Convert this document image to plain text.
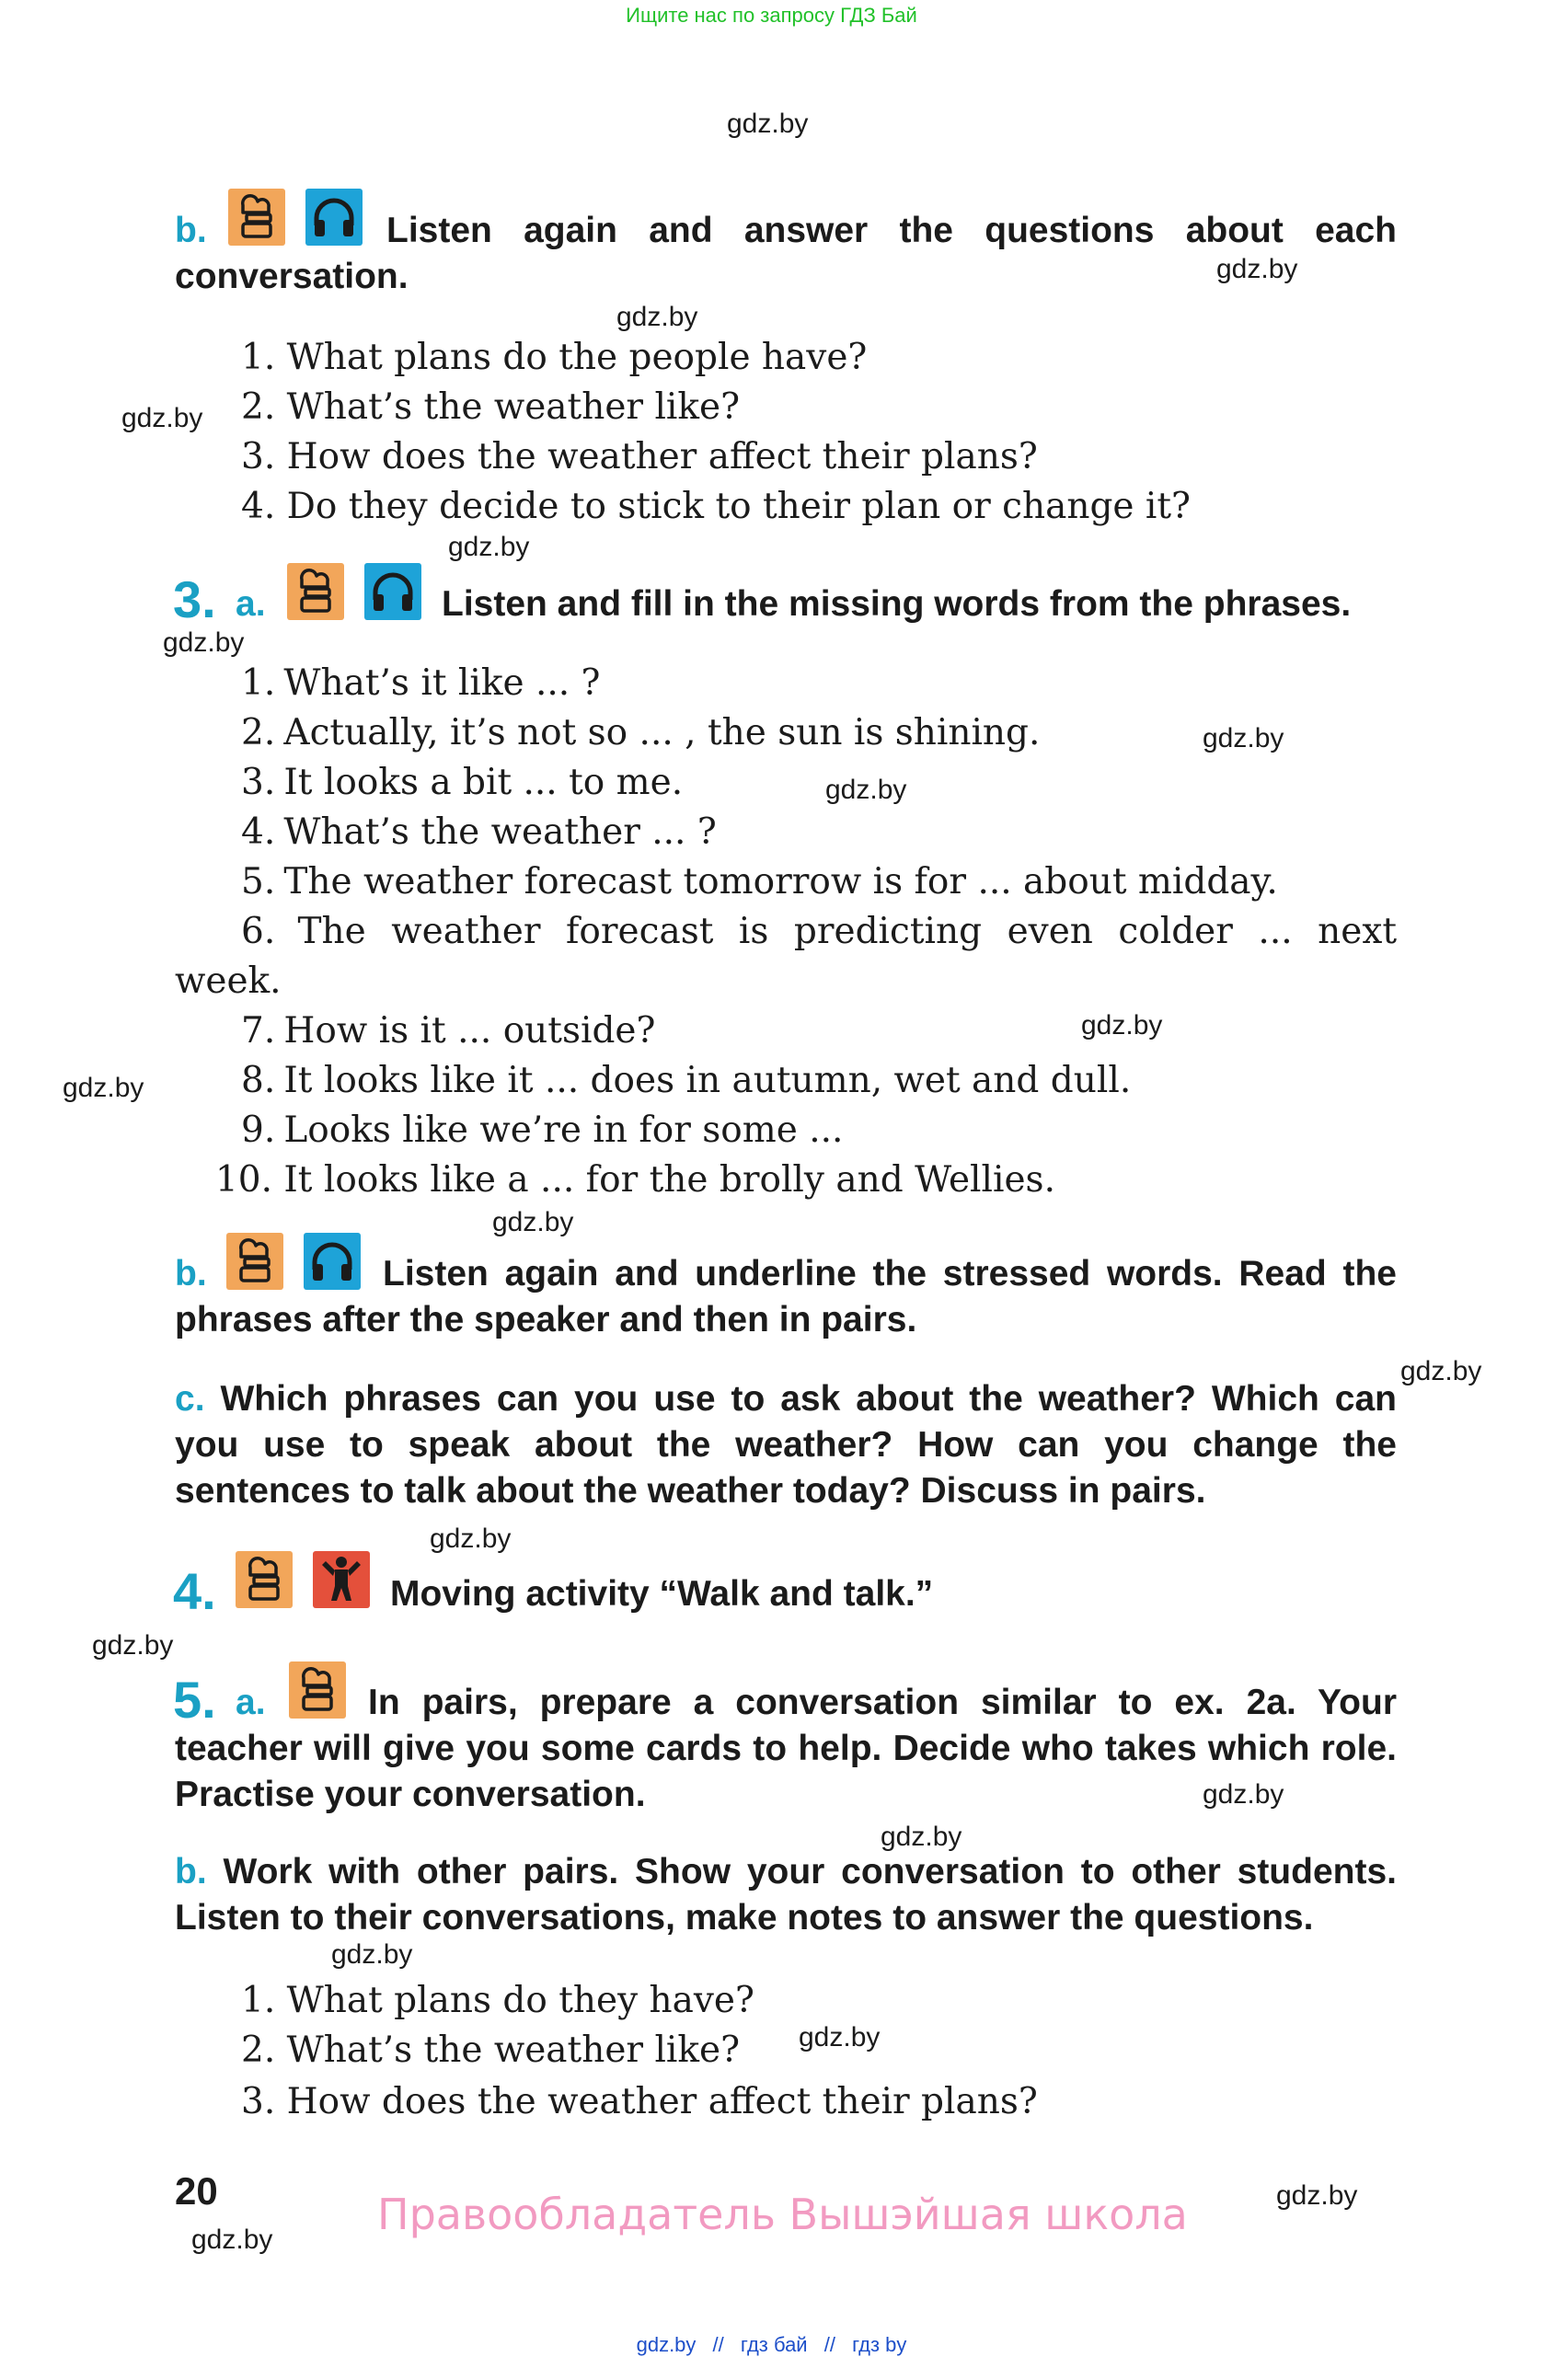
Ищите нас по запросу ГДЗ Бай
gdz.by
gdz.by
gdz.by
gdz.by
gdz.by
gdz.by
gdz.by
gdz.by
gdz.by
gdz.by
gdz.by
gdz.by
gdz.by
gdz.by
gdz.by
gdz.by
gdz.by
gdz.by
gdz.by
gdz.by
b.	Listen again and answer the questions about each conversation.
1. What plans do the people have?
2. What’s the weather like?
3. How does the weather affect their plans?
4. Do they decide to stick to their plan or change it?
3. a.	Listen and fill in the missing words from the phrases.
1. What’s it like ... ?
2. Actually, it’s not so ... , the sun is shining.
3. It looks a bit ... to me.
4. What’s the weather ... ?
5. The weather forecast tomorrow is for ... about midday.
6. The weather forecast is predicting even colder ... next
week.
7. How is it ... outside?
8. It looks like it ... does in autumn, wet and dull.
9. Looks like we’re in for some ...
10. It looks like a ... for the brolly and Wellies.
b.	Listen again and underline the stressed words. Read the phrases after the speaker and then in pairs.
c. Which phrases can you use to ask about the weather? Which can you use to speak about the weather? How can you change the sentences to talk about the weather today? Discuss in pairs.
4.	Moving activity “Walk and talk.”
5. a.	In pairs, prepare a conversation similar to ex. 2a. Your teacher will give you some cards to help. Decide who takes which role. Practise your conversation.
b. Work with other pairs. Show your conversation to other students. Listen to their conversations, make notes to answer the questions.
1. What plans do they have?
2. What’s the weather like?
3. How does the weather affect their plans?
20	Правообладатель Вышэйшая школа
gdz.by // гдз бай // гдз by
